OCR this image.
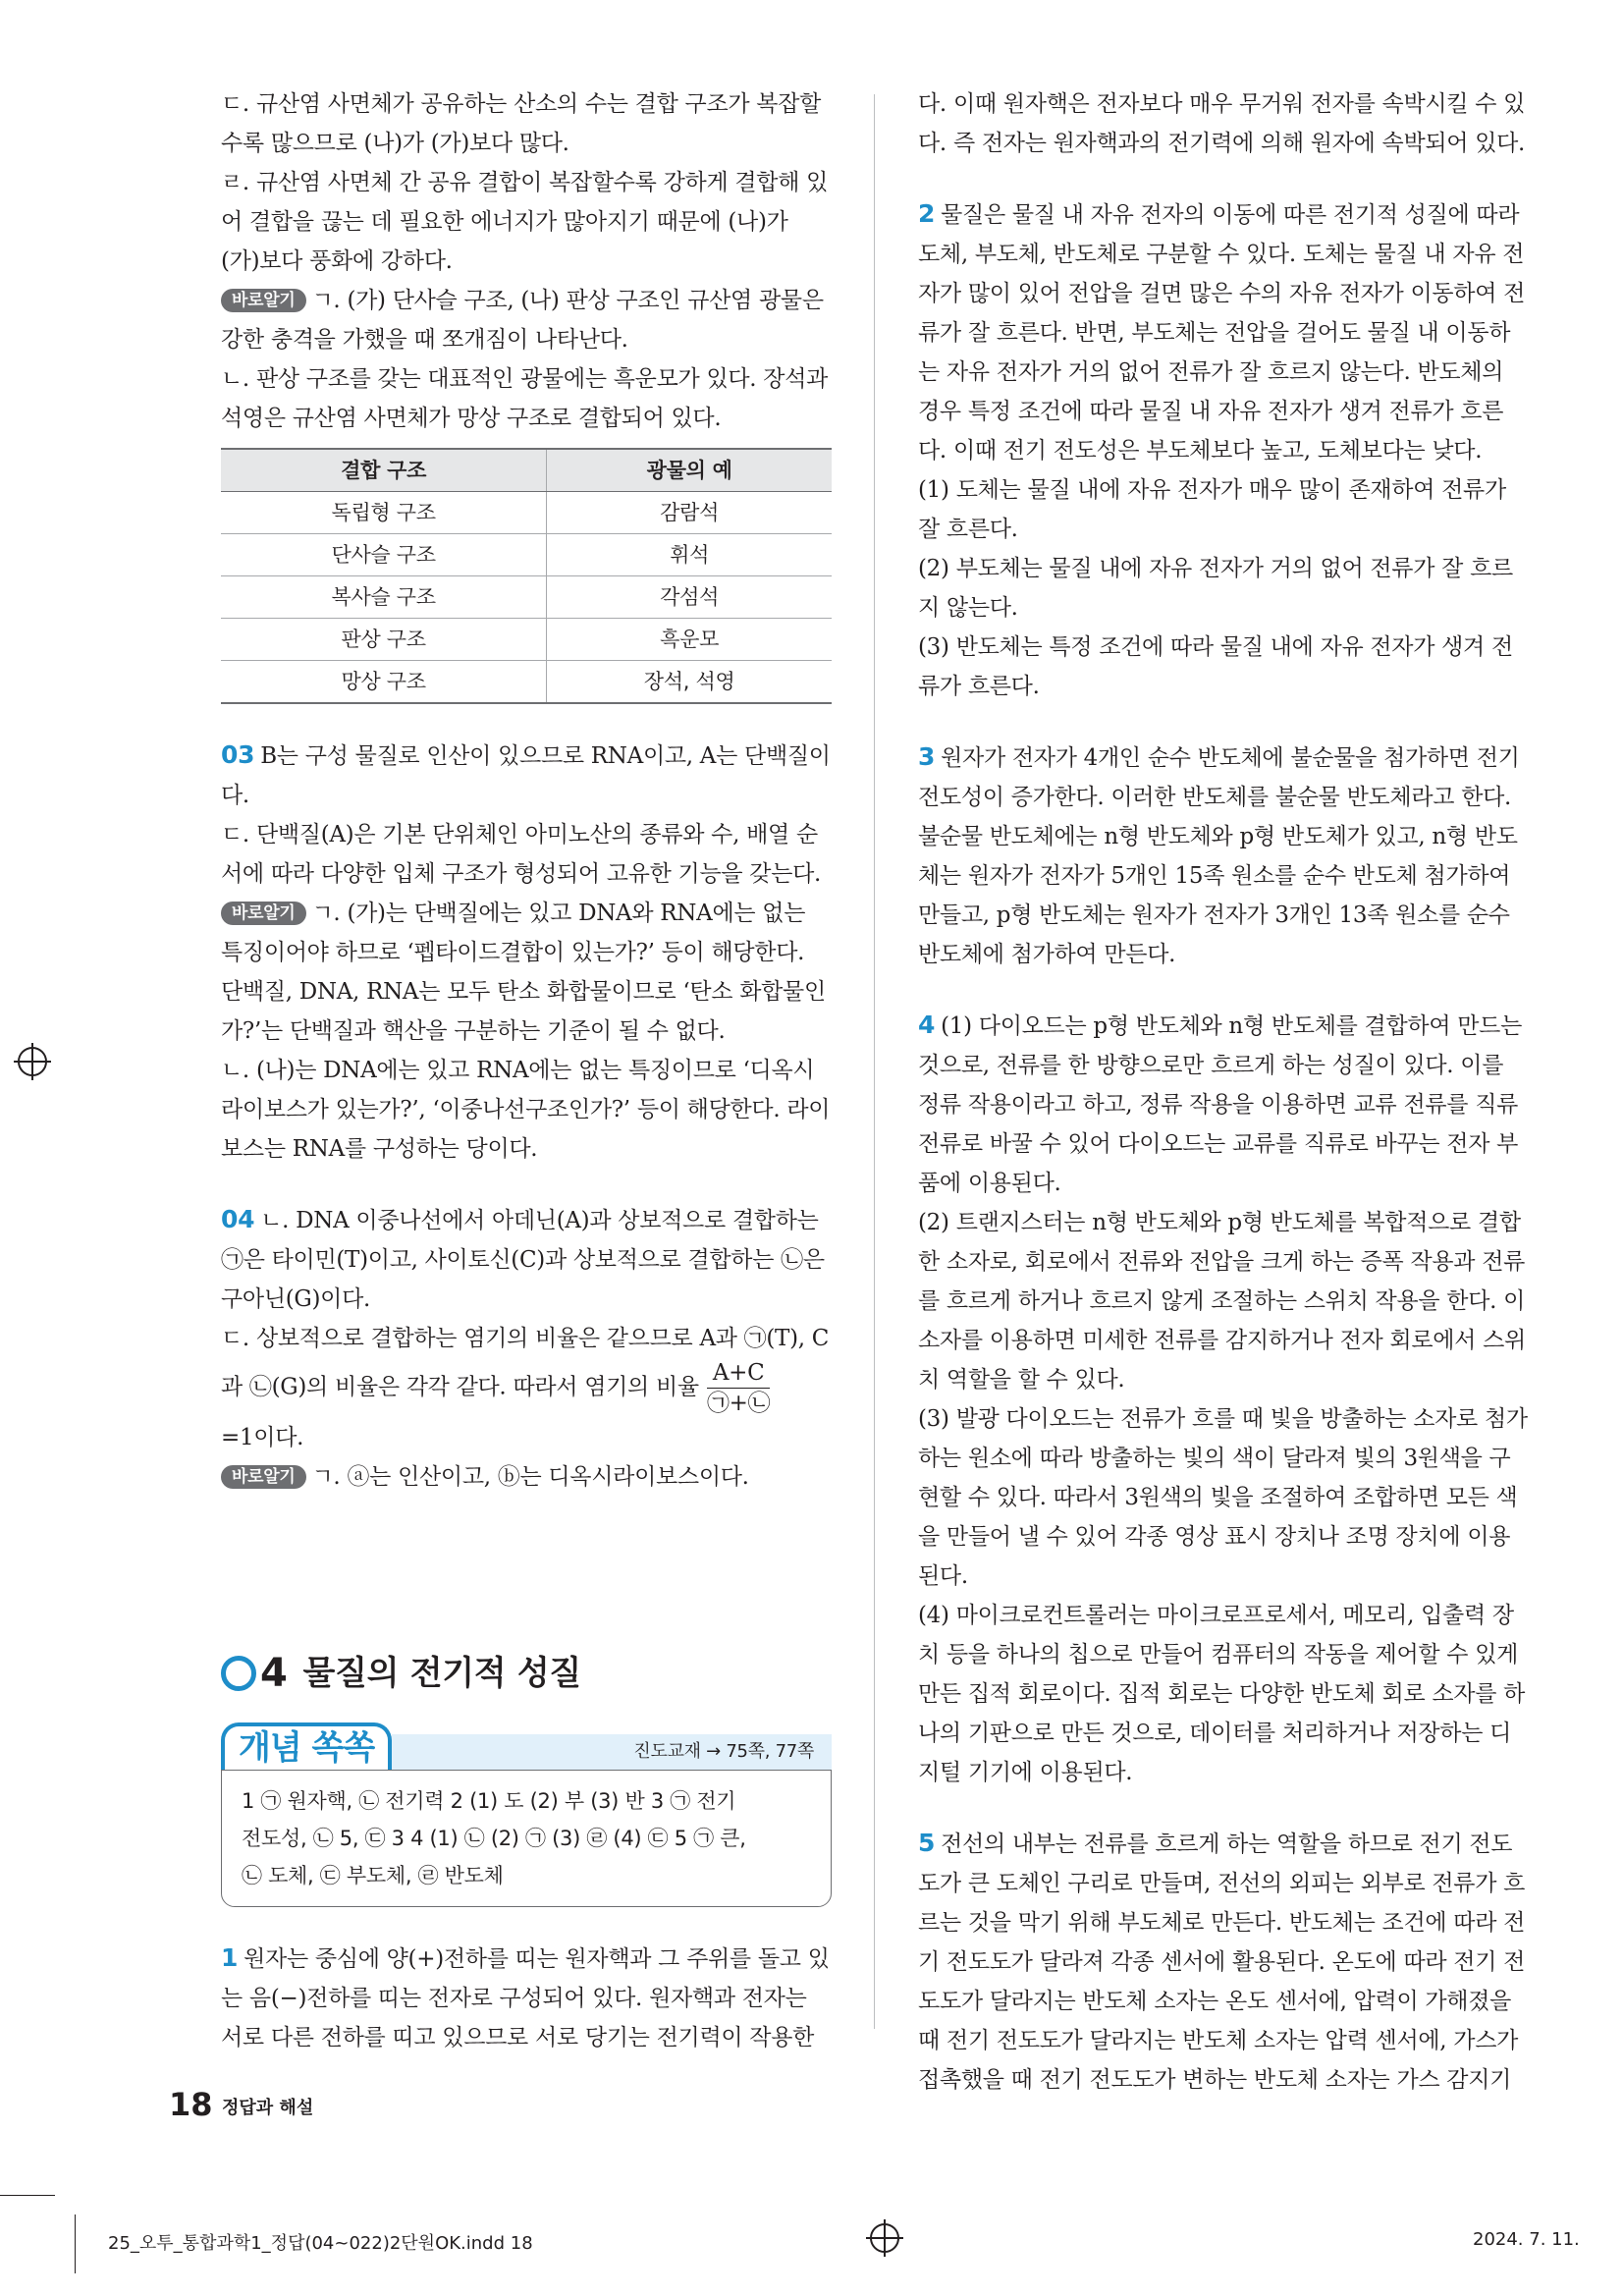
ㄷ. 규산염 사면체가 공유하는 산소의 수는 결합 구조가 복잡할 수록 많으므로 (나)가 (가)보다 많다.

ㄹ. 규산염 사면체 간 공유 결합이 복잡할수록 강하게 결합해 있어 결합을 끊는 데 필요한 에너지가 많아지기 때문에 (나)가 (가)보다 풍화에 강하다.

바로알기 ㄱ. (가) 단사슬 구조, (나) 판상 구조인 규산염 광물은 강한 충격을 가했을 때 쪼개짐이 나타난다.

ㄴ. 판상 구조를 갖는 대표적인 광물에는 흑운모가 있다. 장석과 석영은 규산염 사면체가 망상 구조로 결합되어 있다.

결합 구조	광물의 예
독립형 구조	감람석
단사슬 구조	휘석
복사슬 구조	각섬석
판상 구조	흑운모
망상 구조	장석, 석영

03 B는 구성 물질로 인산이 있으므로 RNA이고, A는 단백질이다.

ㄷ. 단백질(A)은 기본 단위체인 아미노산의 종류와 수, 배열 순서에 따라 다양한 입체 구조가 형성되어 고유한 기능을 갖는다.

바로알기 ㄱ. (가)는 단백질에는 있고 DNA와 RNA에는 없는 특징이어야 하므로 ‘펩타이드결합이 있는가?’ 등이 해당한다. 단백질, DNA, RNA는 모두 탄소 화합물이므로 ‘탄소 화합물인가?’는 단백질과 핵산을 구분하는 기준이 될 수 없다.

ㄴ. (나)는 DNA에는 있고 RNA에는 없는 특징이므로 ‘디옥시라이보스가 있는가?’, ‘이중나선구조인가?’ 등이 해당한다. 라이보스는 RNA를 구성하는 당이다.

04 ㄴ. DNA 이중나선에서 아데닌(A)과 상보적으로 결합하는 ㉠은 타이민(T)이고, 사이토신(C)과 상보적으로 결합하는 ㉡은 구아닌(G)이다.

ㄷ. 상보적으로 결합하는 염기의 비율은 같으므로 A과 ㉠(T), C과 ㉡(G)의 비율은 각각 같다. 따라서 염기의 비율 $\frac{A+C}{㉠+㉡}$

=1이다.

바로알기 ㄱ. ⓐ는 인산이고, ⓑ는 디옥시라이보스이다.

4 물질의 전기적 성질
개념 쏙쏙	진도교재 → 75쪽, 77쪽
1 ㉠ 원자핵, ㉡ 전기력 2 (1) 도 (2) 부 (3) 반 3 ㉠ 전기
전도성, ㉡ 5, ㉢ 3 4 (1) ㉡ (2) ㉠ (3) ㉣ (4) ㉢ 5 ㉠ 큰,
㉡ 도체, ㉢ 부도체, ㉣ 반도체

1 원자는 중심에 양(+)전하를 띠는 원자핵과 그 주위를 돌고 있는 음(−)전하를 띠는 전자로 구성되어 있다. 원자핵과 전자는 서로 다른 전하를 띠고 있으므로 서로 당기는 전기력이 작용한

다. 이때 원자핵은 전자보다 매우 무거워 전자를 속박시킬 수 있다. 즉 전자는 원자핵과의 전기력에 의해 원자에 속박되어 있다.

2 물질은 물질 내 자유 전자의 이동에 따른 전기적 성질에 따라 도체, 부도체, 반도체로 구분할 수 있다. 도체는 물질 내 자유 전자가 많이 있어 전압을 걸면 많은 수의 자유 전자가 이동하여 전류가 잘 흐른다. 반면, 부도체는 전압을 걸어도 물질 내 이동하는 자유 전자가 거의 없어 전류가 잘 흐르지 않는다. 반도체의 경우 특정 조건에 따라 물질 내 자유 전자가 생겨 전류가 흐른다. 이때 전기 전도성은 부도체보다 높고, 도체보다는 낮다.

(1) 도체는 물질 내에 자유 전자가 매우 많이 존재하여 전류가 잘 흐른다.

(2) 부도체는 물질 내에 자유 전자가 거의 없어 전류가 잘 흐르지 않는다.

(3) 반도체는 특정 조건에 따라 물질 내에 자유 전자가 생겨 전류가 흐른다.

3 원자가 전자가 4개인 순수 반도체에 불순물을 첨가하면 전기 전도성이 증가한다. 이러한 반도체를 불순물 반도체라고 한다. 불순물 반도체에는 n형 반도체와 p형 반도체가 있고, n형 반도체는 원자가 전자가 5개인 15족 원소를 순수 반도체 첨가하여 만들고, p형 반도체는 원자가 전자가 3개인 13족 원소를 순수 반도체에 첨가하여 만든다.

4 (1) 다이오드는 p형 반도체와 n형 반도체를 결합하여 만드는 것으로, 전류를 한 방향으로만 흐르게 하는 성질이 있다. 이를 정류 작용이라고 하고, 정류 작용을 이용하면 교류 전류를 직류 전류로 바꿀 수 있어 다이오드는 교류를 직류로 바꾸는 전자 부품에 이용된다.

(2) 트랜지스터는 n형 반도체와 p형 반도체를 복합적으로 결합한 소자로, 회로에서 전류와 전압을 크게 하는 증폭 작용과 전류를 흐르게 하거나 흐르지 않게 조절하는 스위치 작용을 한다. 이 소자를 이용하면 미세한 전류를 감지하거나 전자 회로에서 스위치 역할을 할 수 있다.

(3) 발광 다이오드는 전류가 흐를 때 빛을 방출하는 소자로 첨가하는 원소에 따라 방출하는 빛의 색이 달라져 빛의 3원색을 구현할 수 있다. 따라서 3원색의 빛을 조절하여 조합하면 모든 색을 만들어 낼 수 있어 각종 영상 표시 장치나 조명 장치에 이용된다.

(4) 마이크로컨트롤러는 마이크로프로세서, 메모리, 입출력 장치 등을 하나의 칩으로 만들어 컴퓨터의 작동을 제어할 수 있게 만든 집적 회로이다. 집적 회로는 다양한 반도체 회로 소자를 하나의 기판으로 만든 것으로, 데이터를 처리하거나 저장하는 디지털 기기에 이용된다.

5 전선의 내부는 전류를 흐르게 하는 역할을 하므로 전기 전도도가 큰 도체인 구리로 만들며, 전선의 외피는 외부로 전류가 흐르는 것을 막기 위해 부도체로 만든다. 반도체는 조건에 따라 전기 전도도가 달라져 각종 센서에 활용된다. 온도에 따라 전기 전도도가 달라지는 반도체 소자는 온도 센서에, 압력이 가해졌을 때 전기 전도도가 달라지는 반도체 소자는 압력 센서에, 가스가 접촉했을 때 전기 전도도가 변하는 반도체 소자는 가스 감지기

18 정답과 해설
25_오투_통합과학1_정답(04~022)2단원OK.indd 18	2024. 7. 11.
